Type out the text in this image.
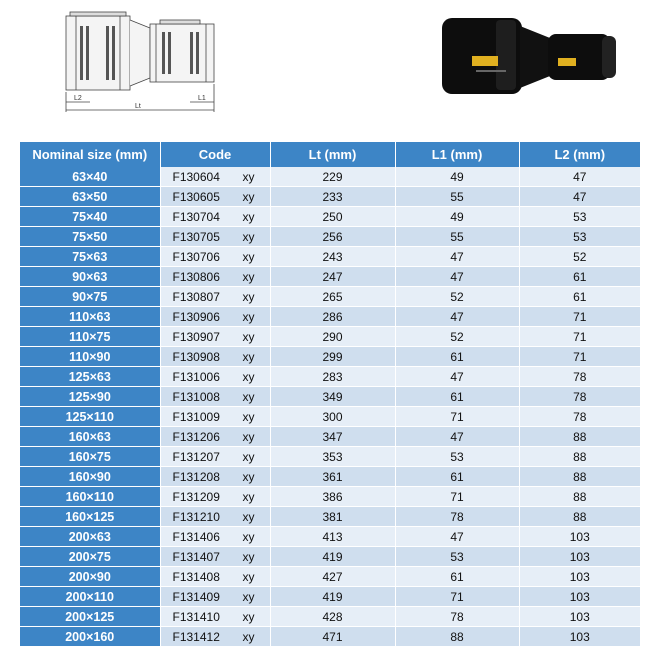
L2	L1
Lt
Nominal size (mm)	Code	Lt (mm)	L1 (mm)	L2 (mm)
63×40	F130604 xy	229	49	47
63×50	F130605 xy	233	55	47
75×40	F130704 xy	250	49	53
75×50	F130705 xy	256	55	53
75×63	F130706 xy	243	47	52
90×63	F130806 xy	247	47	61
90×75	F130807 xy	265	52	61
110×63	F130906 xy	286	47	71
110×75	F130907 xy	290	52	71
110×90	F130908 xy	299	61	71
125×63	F131006 xy	283	47	78
125×90	F131008 xy	349	61	78
125×110	F131009 xy	300	71	78
160×63	F131206 xy	347	47	88
160×75	F131207 xy	353	53	88
160×90	F131208 xy	361	61	88
160×110	F131209 xy	386	71	88
160×125	F131210 xy	381	78	88
200×63	F131406 xy	413	47	103
200×75	F131407 xy	419	53	103
200×90	F131408 xy	427	61	103
200×110	F131409 xy	419	71	103
200×125	F131410 xy	428	78	103
200×160	F131412 xy	471	88	103
